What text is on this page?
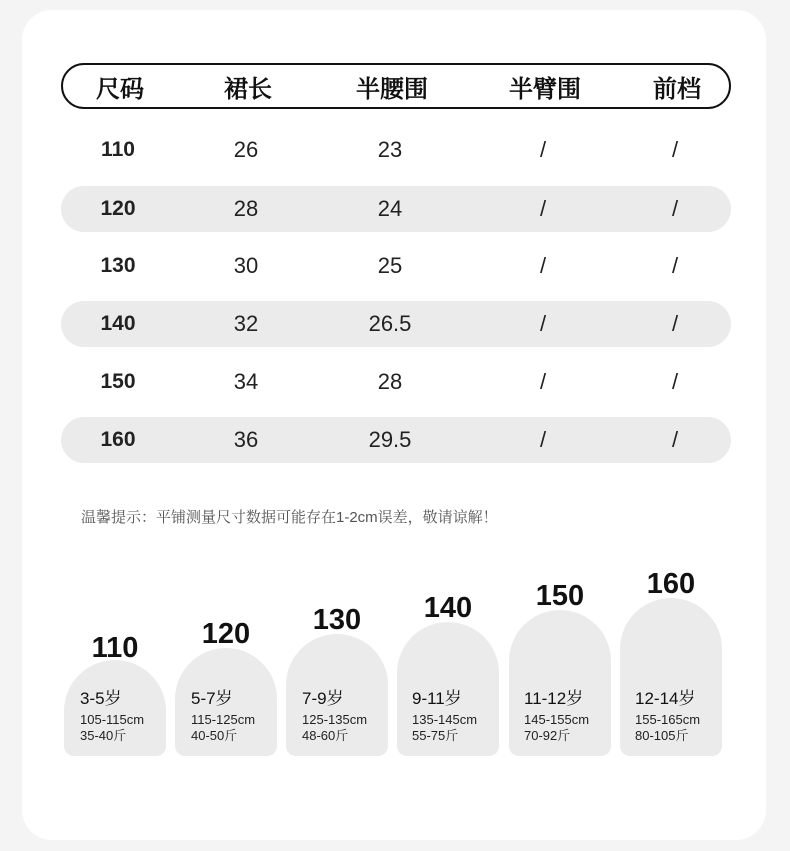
尺码	裙长	半腰围	半臂围	前档
110	26	23	/	/
120	28	24	/	/
130	30	25	/	/
140	32	26.5	/	/
150	34	28	/	/
160	36	29.5	/	/
温馨提示：平铺测量尺寸数据可能存在1-2cm误差，敬请谅解！
110
3-5岁
105-115cm
35-40斤
120
5-7岁
115-125cm
40-50斤
130
7-9岁
125-135cm
48-60斤
140
9-11岁
135-145cm
55-75斤
150
11-12岁
145-155cm
70-92斤
160
12-14岁
155-165cm
80-105斤
